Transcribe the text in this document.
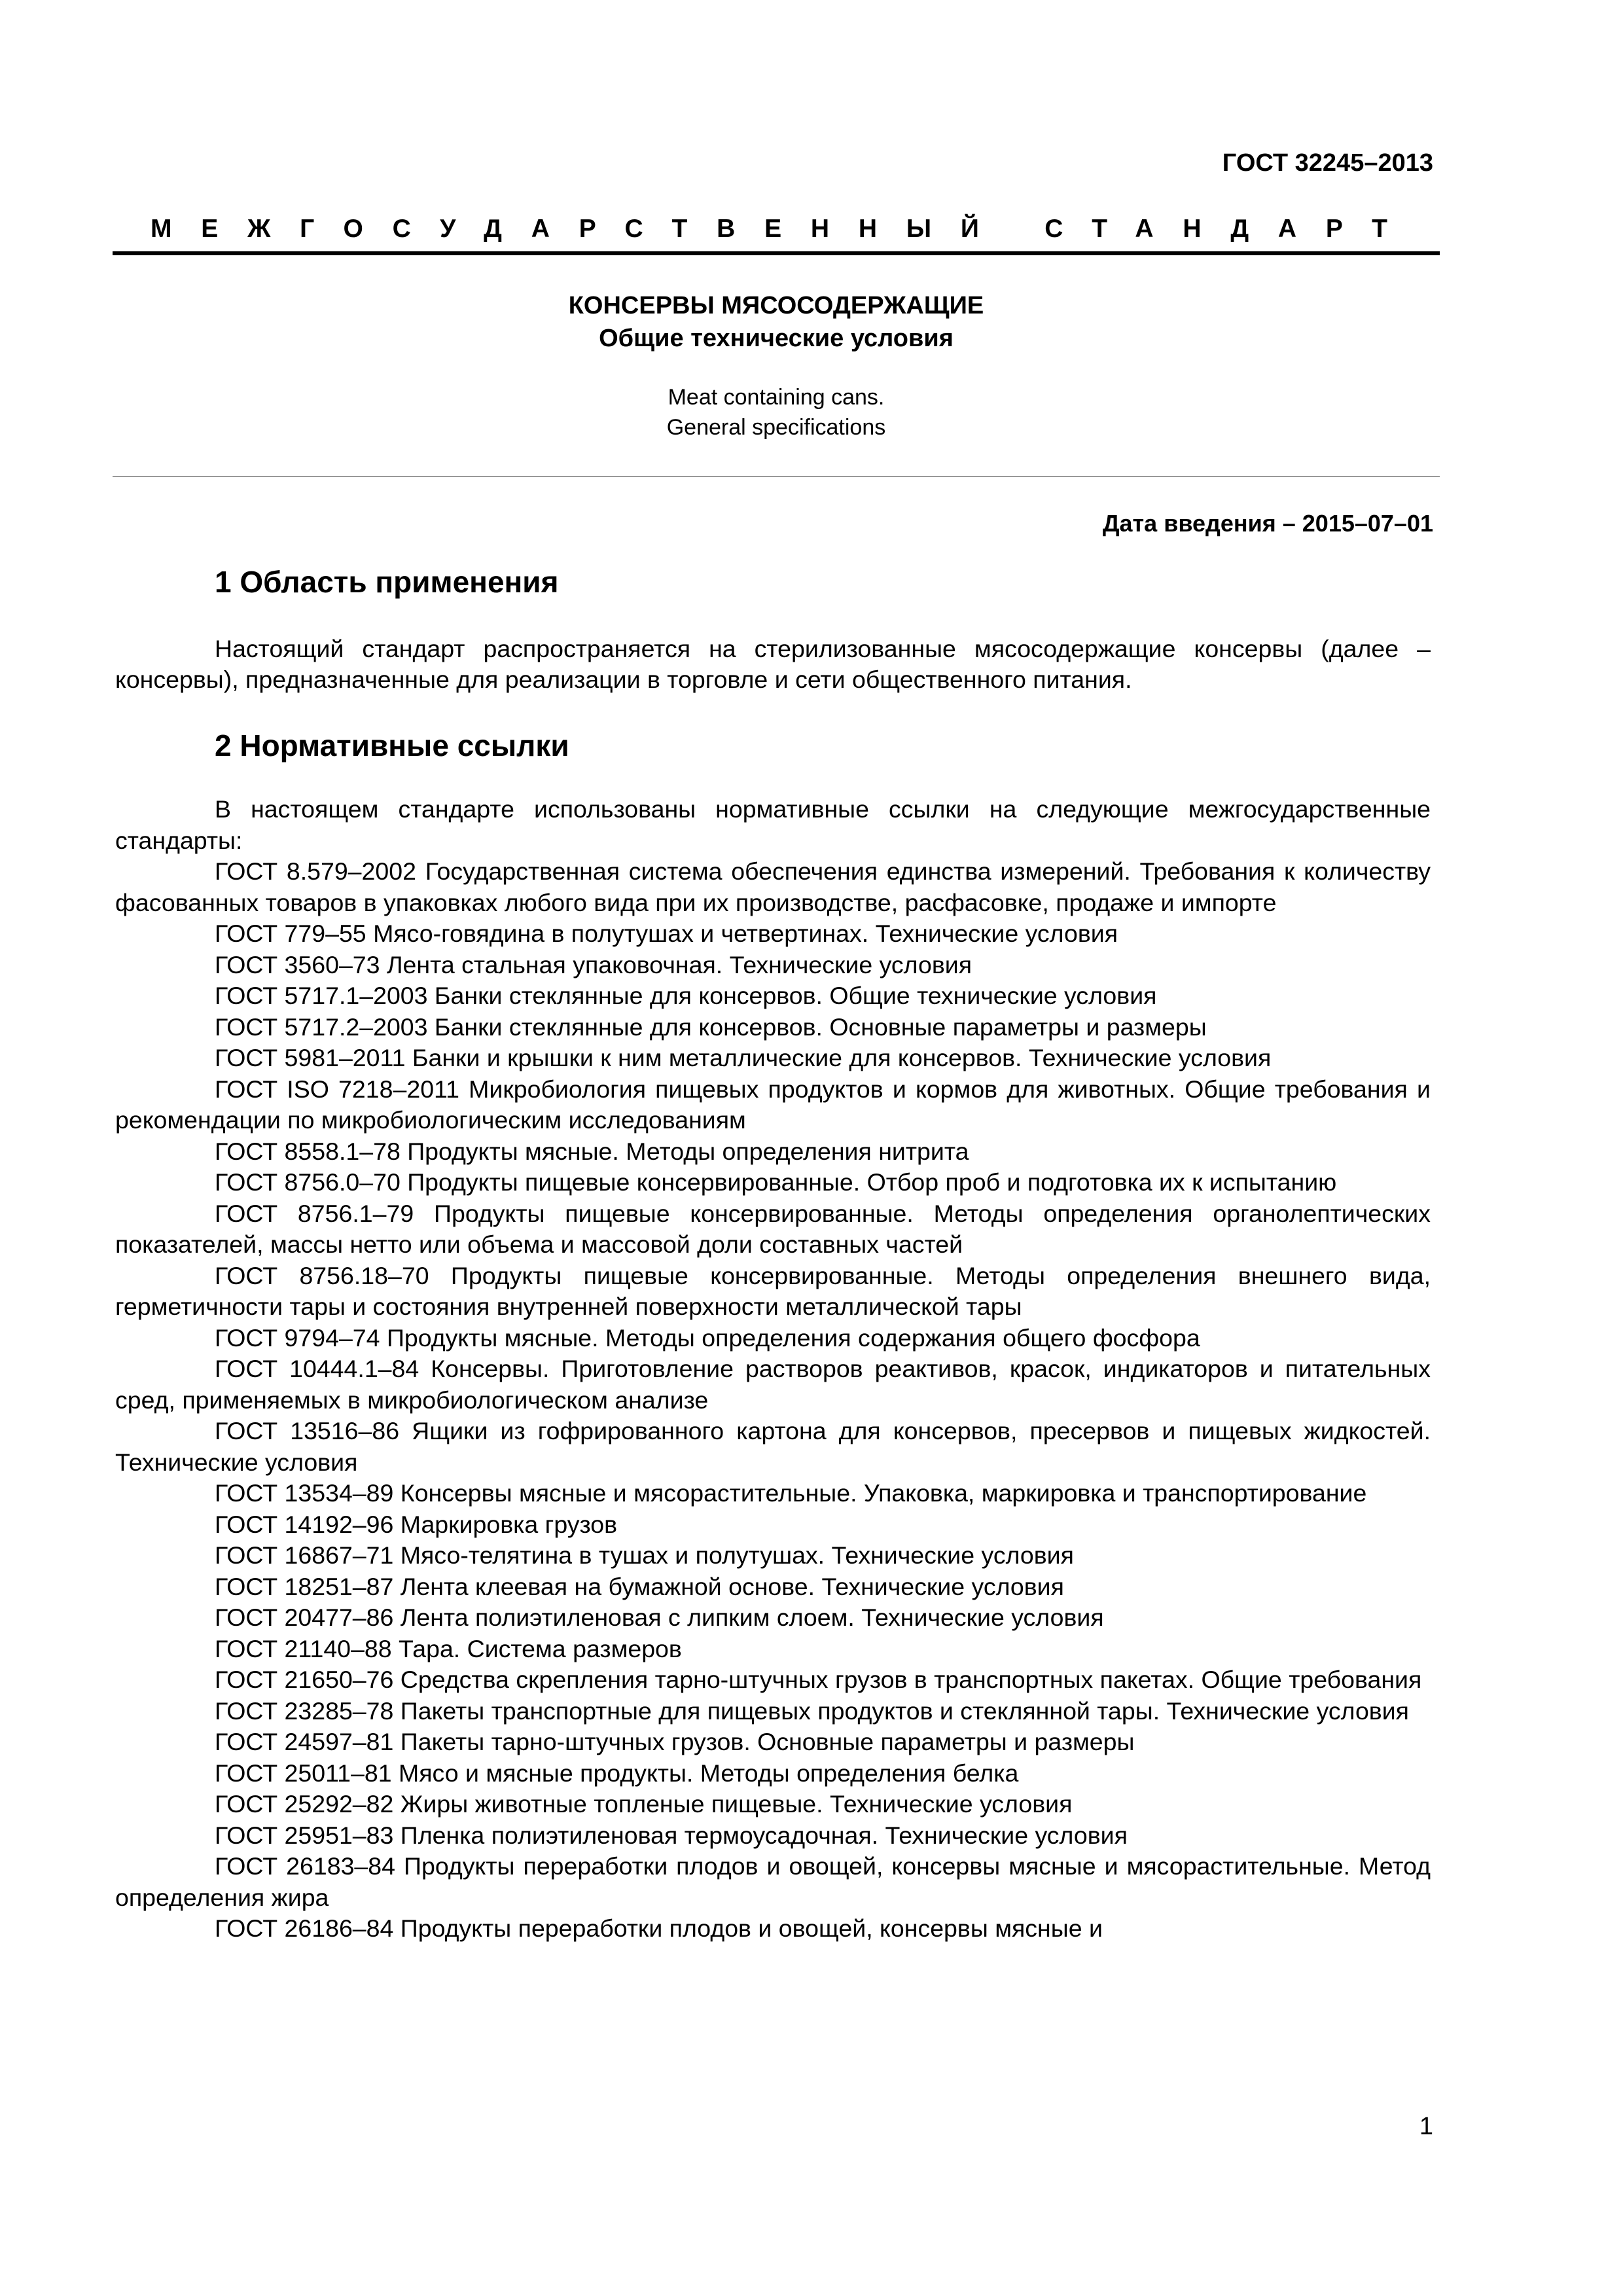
ГОСТ 32245–2013
МЕЖГОСУДАРСТВЕННЫЙ СТАНДАРТ
КОНСЕРВЫ МЯСОСОДЕРЖАЩИЕ
Общие технические условия
Meat containing cans.
General specifications
Дата введения – 2015–07–01
1 Область применения
Настоящий стандарт распространяется на стерилизованные мясосодержащие консервы (далее – консервы), предназначенные для реализации в торговле и сети общественного питания.
2 Нормативные ссылки
В настоящем стандарте использованы нормативные ссылки на следующие межгосударственные стандарты:
ГОСТ 8.579–2002 Государственная система обеспечения единства измерений. Требования к количеству фасованных товаров в упаковках любого вида при их производстве, расфасовке, продаже и импорте
ГОСТ 779–55 Мясо-говядина в полутушах и четвертинах. Технические условия
ГОСТ 3560–73 Лента стальная упаковочная. Технические условия
ГОСТ 5717.1–2003 Банки стеклянные для консервов. Общие технические условия
ГОСТ 5717.2–2003 Банки стеклянные для консервов. Основные параметры и размеры
ГОСТ 5981–2011 Банки и крышки к ним металлические для консервов. Технические условия
ГОСТ ISO 7218–2011 Микробиология пищевых продуктов и кормов для животных. Общие требования и рекомендации по микробиологическим исследованиям
ГОСТ 8558.1–78 Продукты мясные. Методы определения нитрита
ГОСТ 8756.0–70 Продукты пищевые консервированные. Отбор проб и подготовка их к испытанию
ГОСТ 8756.1–79 Продукты пищевые консервированные. Методы определения органолептических показателей, массы нетто или объема и массовой доли составных частей
ГОСТ 8756.18–70 Продукты пищевые консервированные. Методы определения внешнего вида, герметичности тары и состояния внутренней поверхности металлической тары
ГОСТ 9794–74 Продукты мясные. Методы определения содержания общего фосфора
ГОСТ 10444.1–84 Консервы. Приготовление растворов реактивов, красок, индикаторов и питательных сред, применяемых в микробиологическом анализе
ГОСТ 13516–86 Ящики из гофрированного картона для консервов, пресервов и пищевых жидкостей. Технические условия
ГОСТ 13534–89 Консервы мясные и мясорастительные. Упаковка, маркировка и транспортирование
ГОСТ 14192–96 Маркировка грузов
ГОСТ 16867–71 Мясо-телятина в тушах и полутушах. Технические условия
ГОСТ 18251–87 Лента клеевая на бумажной основе. Технические условия
ГОСТ 20477–86 Лента полиэтиленовая с липким слоем. Технические условия
ГОСТ 21140–88 Тара. Система размеров
ГОСТ 21650–76 Средства скрепления тарно-штучных грузов в транспортных пакетах. Общие требования
ГОСТ 23285–78 Пакеты транспортные для пищевых продуктов и стеклянной тары. Технические условия
ГОСТ 24597–81 Пакеты тарно-штучных грузов. Основные параметры и размеры
ГОСТ 25011–81 Мясо и мясные продукты. Методы определения белка
ГОСТ 25292–82 Жиры животные топленые пищевые. Технические условия
ГОСТ 25951–83 Пленка полиэтиленовая термоусадочная. Технические условия
ГОСТ 26183–84 Продукты переработки плодов и овощей, консервы мясные и мясорастительные. Метод определения жира
ГОСТ 26186–84 Продукты переработки плодов и овощей, консервы мясные и
1
